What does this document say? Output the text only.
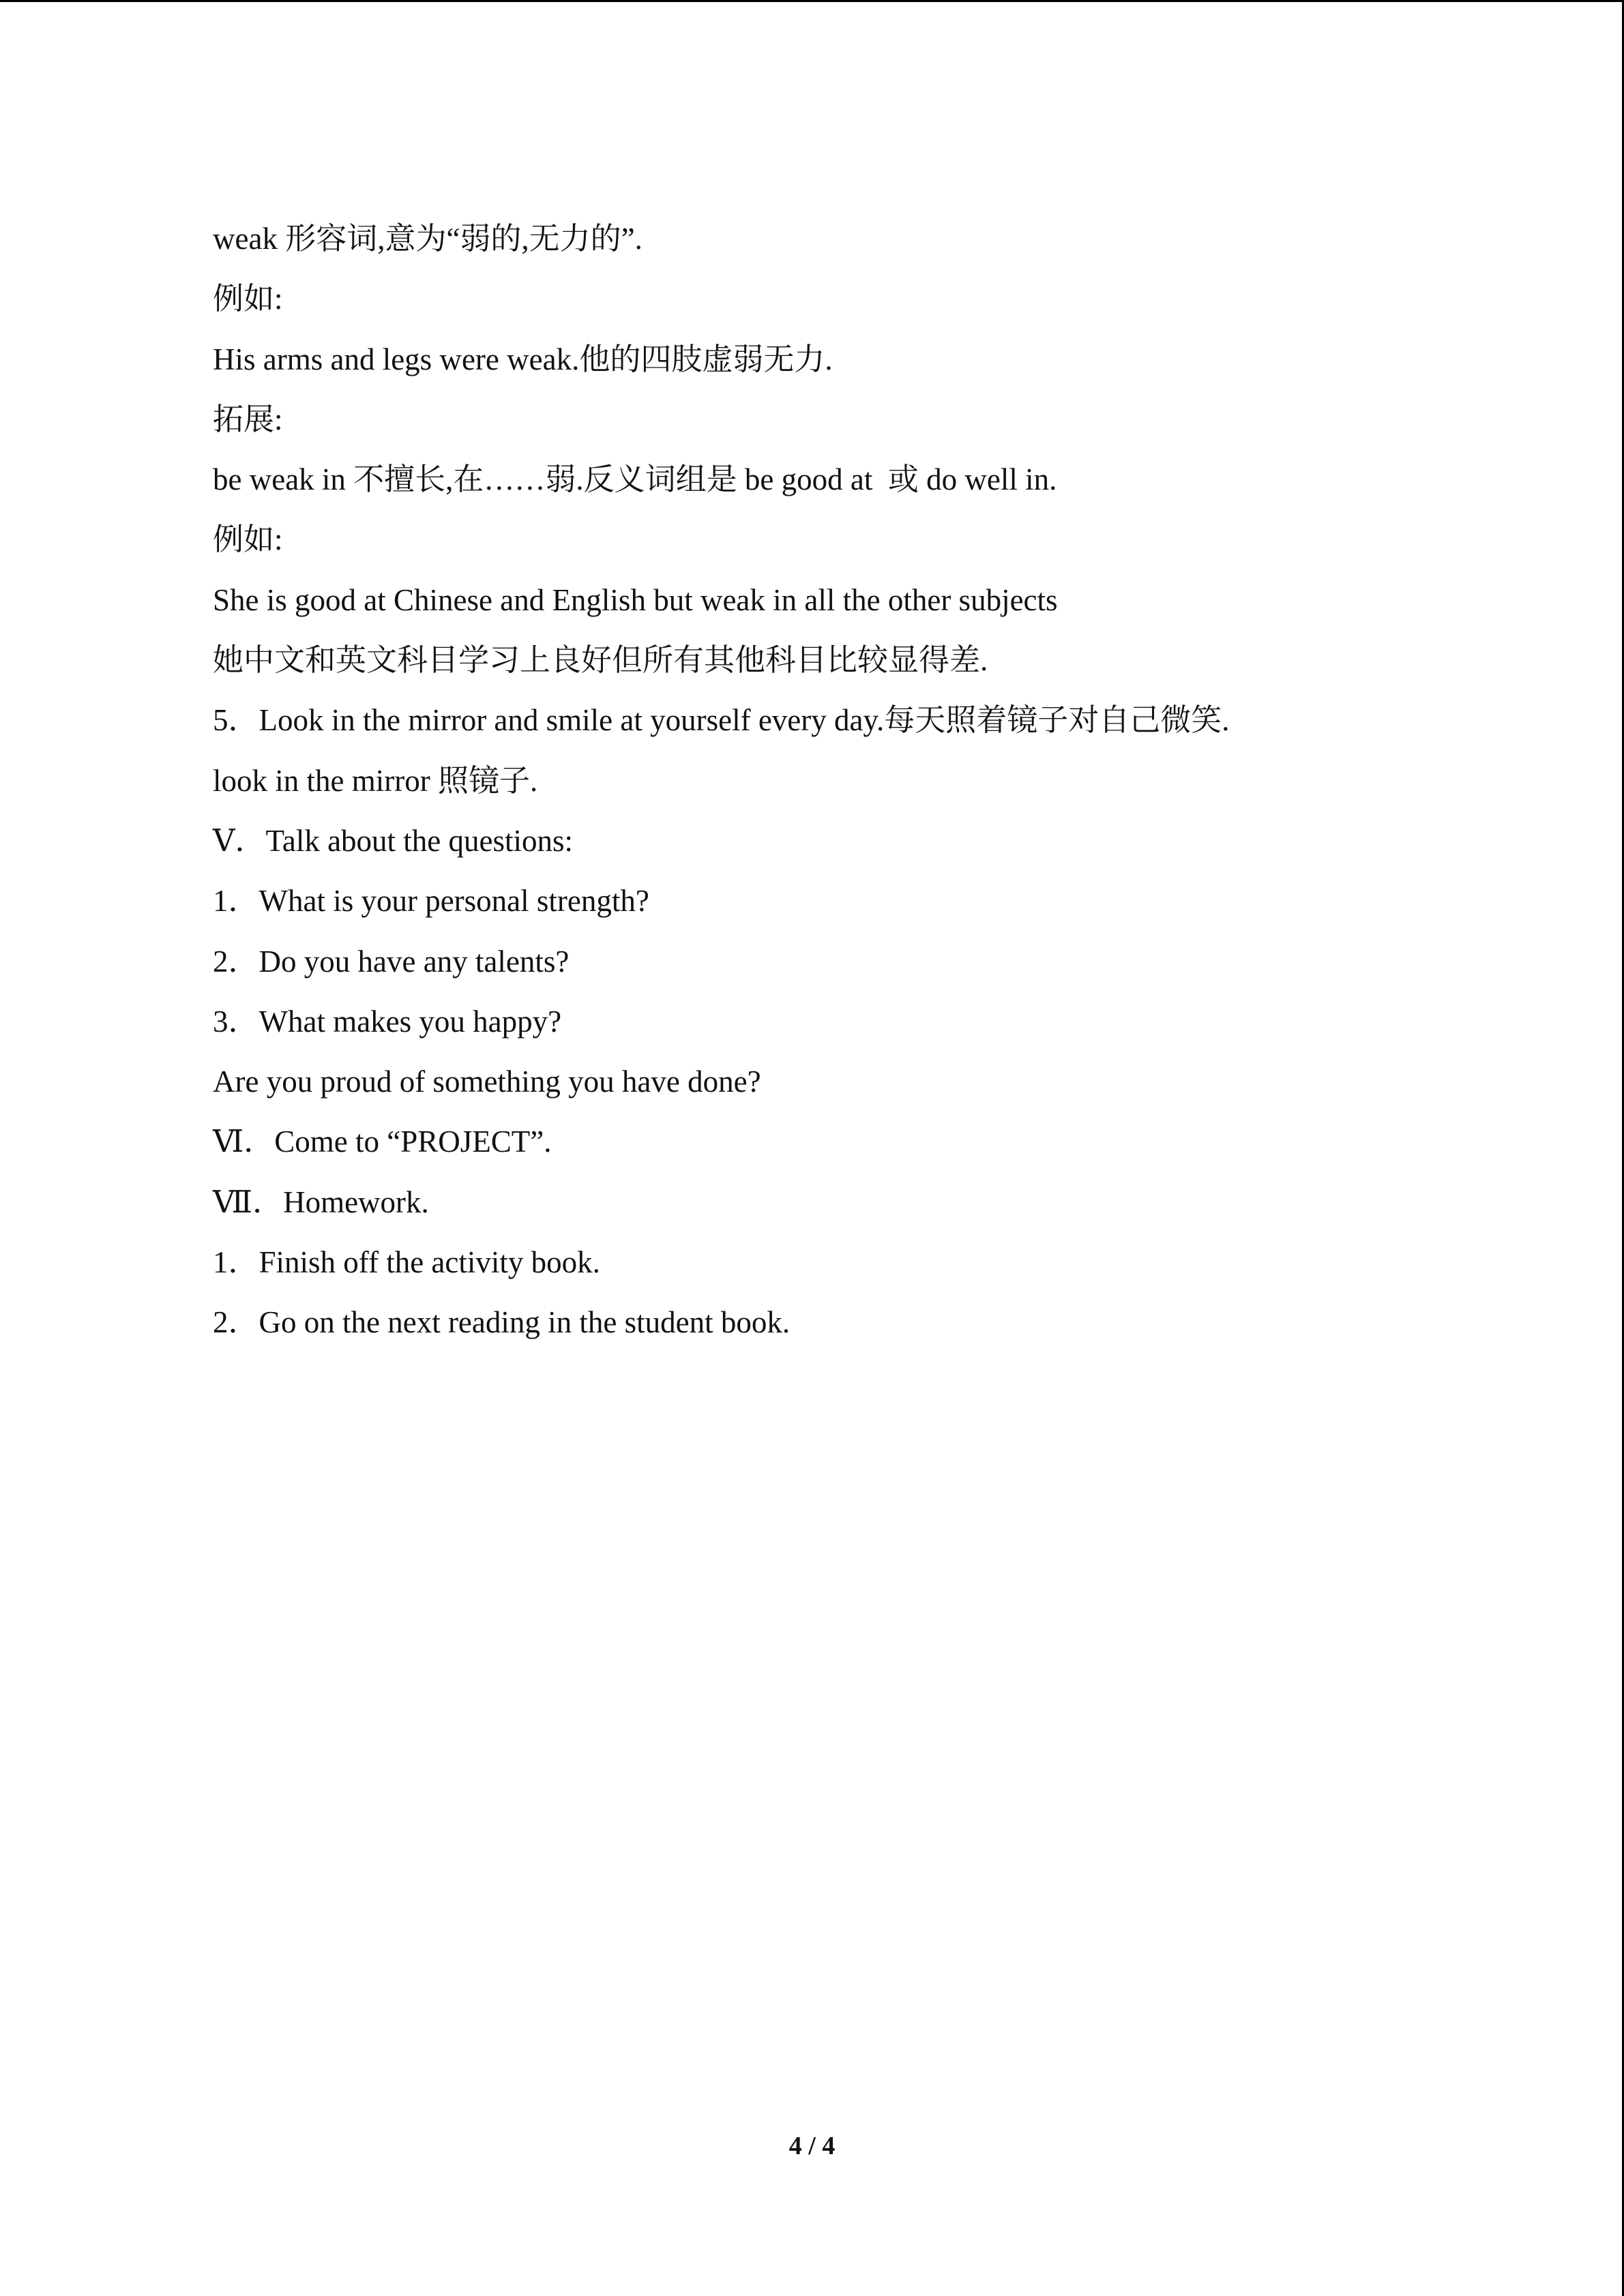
weak 形容词,意为“弱的,无力的”.
例如:
His arms and legs were weak.他的四肢虚弱无力.
拓展:
be weak in 不擅长,在……弱.反义词组是 be good at  或 do well in.
例如:
She is good at Chinese and English but weak in all the other subjects
她中文和英文科目学习上良好但所有其他科目比较显得差.
5．Look in the mirror and smile at yourself every day.每天照着镜子对自己微笑.
look in the mirror 照镜子.
Ⅴ．Talk about the questions:
1．What is your personal strength?
2．Do you have any talents?
3．What makes you happy?
Are you proud of something you have done?
Ⅵ．Come to “PROJECT”.
Ⅶ．Homework.
1．Finish off the activity book.
2．Go on the next reading in the student book.
4 / 4
